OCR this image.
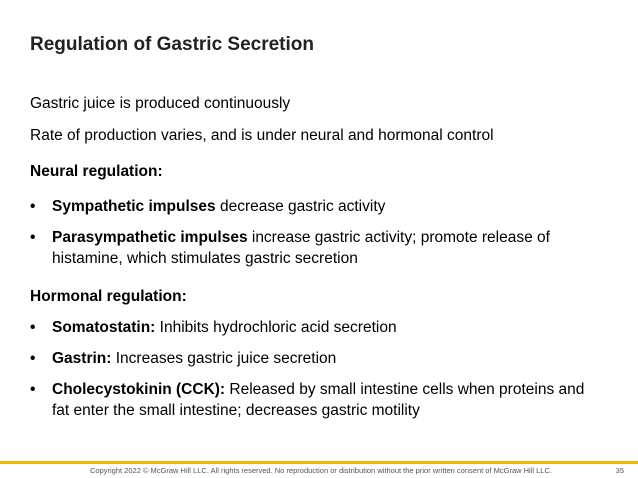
Regulation of Gastric Secretion
Gastric juice is produced continuously
Rate of production varies, and is under neural and hormonal control
Neural regulation:
• Sympathetic impulses decrease gastric activity
• Parasympathetic impulses increase gastric activity; promote release of histamine, which stimulates gastric secretion
Hormonal regulation:
• Somatostatin: Inhibits hydrochloric acid secretion
• Gastrin: Increases gastric juice secretion
• Cholecystokinin (CCK): Released by small intestine cells when proteins and fat enter the small intestine; decreases gastric motility
Copyright 2022 © McGraw Hill LLC. All rights reserved. No reproduction or distribution without the prior written consent of McGraw Hill LLC.	35
